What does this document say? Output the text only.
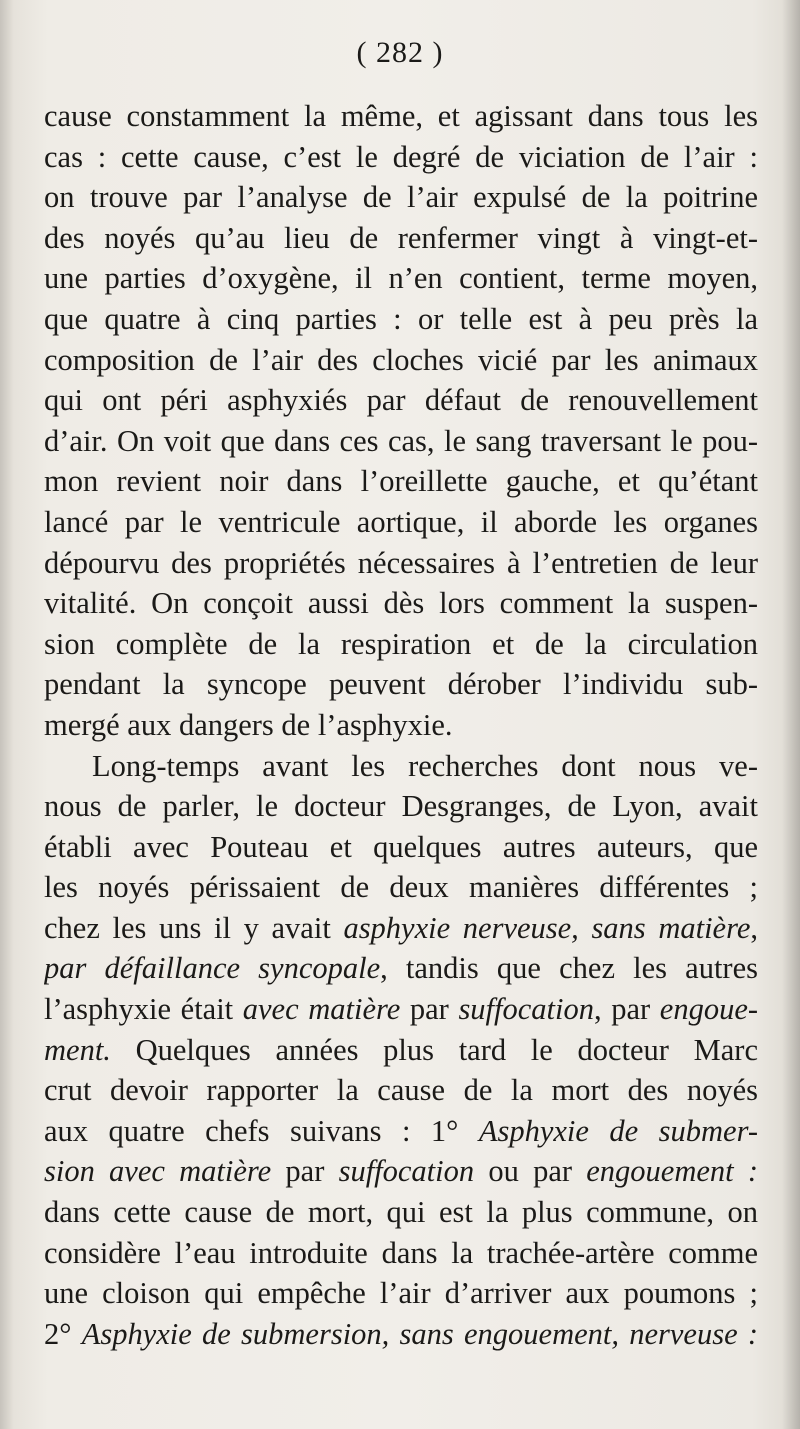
( 282 )
cause constamment la même, et agissant dans tous les
cas : cette cause, c’est le degré de viciation de l’air :
on trouve par l’analyse de l’air expulsé de la poitrine
des noyés qu’au lieu de renfermer vingt à vingt-et-
une parties d’oxygène, il n’en contient, terme moyen,
que quatre à cinq parties : or telle est à peu près la
composition de l’air des cloches vicié par les animaux
qui ont péri asphyxiés par défaut de renouvellement
d’air. On voit que dans ces cas, le sang traversant le pou-
mon revient noir dans l’oreillette gauche, et qu’étant
lancé par le ventricule aortique, il aborde les organes
dépourvu des propriétés nécessaires à l’entretien de leur
vitalité. On conçoit aussi dès lors comment la suspen-
sion complète de la respiration et de la circulation
pendant la syncope peuvent dérober l’individu sub-
mergé aux dangers de l’asphyxie.
Long-temps avant les recherches dont nous ve-
nous de parler, le docteur Desgranges, de Lyon, avait
établi avec Pouteau et quelques autres auteurs, que
les noyés périssaient de deux manières différentes ;
chez les uns il y avait asphyxie nerveuse, sans matière,
par défaillance syncopale, tandis que chez les autres
l’asphyxie était avec matière par suffocation, par engoue-
ment. Quelques années plus tard le docteur Marc
crut devoir rapporter la cause de la mort des noyés
aux quatre chefs suivans : 1° Asphyxie de submer-
sion avec matière par suffocation ou par engouement :
dans cette cause de mort, qui est la plus commune, on
considère l’eau introduite dans la trachée-artère comme
une cloison qui empêche l’air d’arriver aux poumons ;
2° Asphyxie de submersion, sans engouement, nerveuse :
